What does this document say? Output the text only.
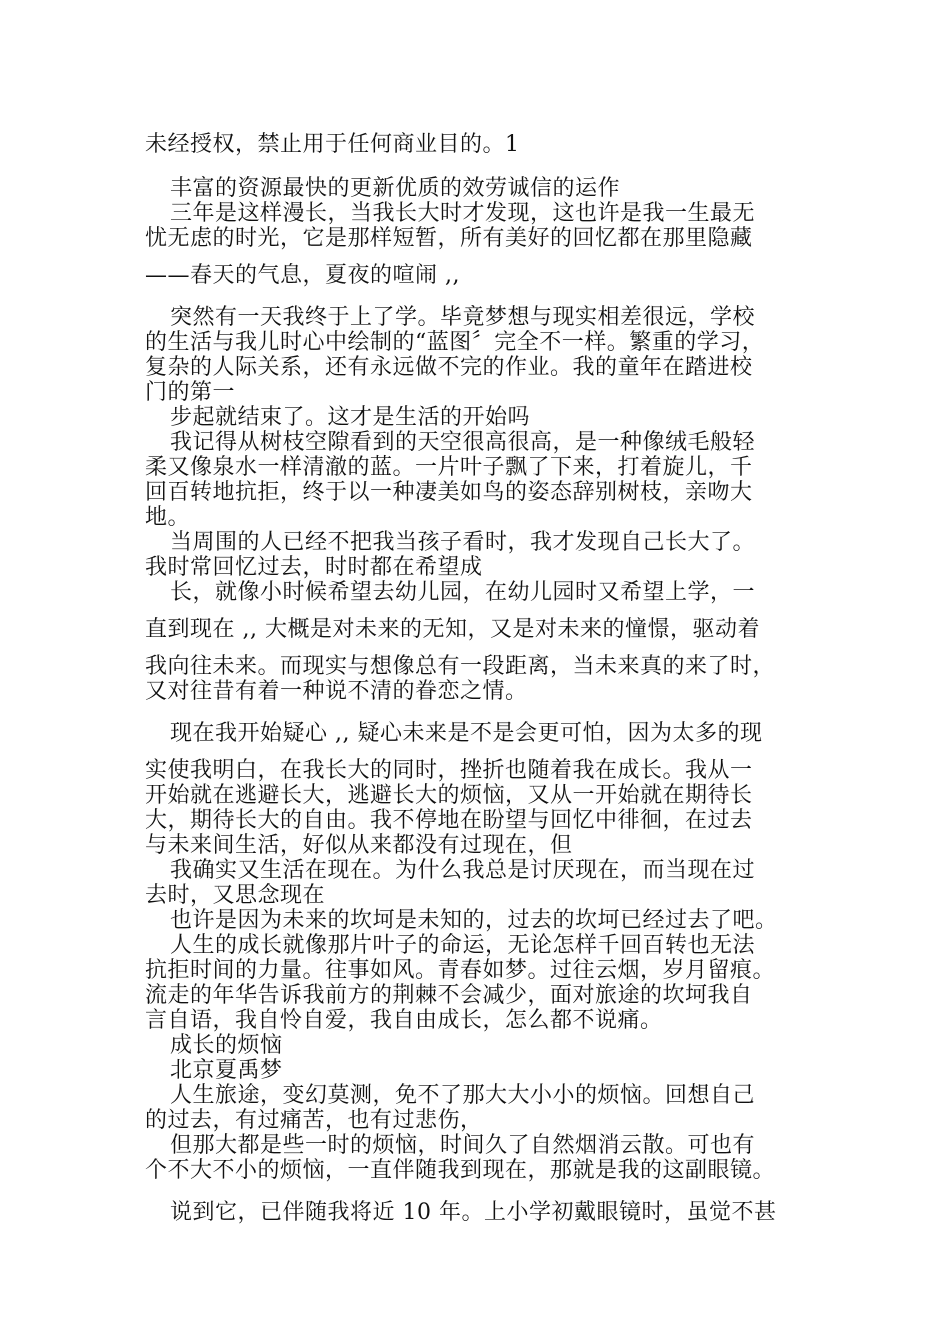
未经授权，禁止用于任何商业目的。1

丰富的资源最快的更新优质的效劳诚信的运作

三年是这样漫长，当我长大时才发现，这也许是我一生最无

忧无虑的时光，它是那样短暂，所有美好的回忆都在那里隐藏

——春天的气息，夏夜的喧闹 ,,

突然有一天我终于上了学。毕竟梦想与现实相差很远，学校

的生活与我儿时心中绘制的“蓝图〞完全不一样。繁重的学习，

复杂的人际关系，还有永远做不完的作业。我的童年在踏进校

门的第一

步起就结束了。这才是生活的开始吗

我记得从树枝空隙看到的天空很高很高，是一种像绒毛般轻

柔又像泉水一样清澈的蓝。一片叶子飘了下来，打着旋儿，千

回百转地抗拒，终于以一种凄美如鸟的姿态辞别树枝，亲吻大

地。

当周围的人已经不把我当孩子看时，我才发现自己长大了。

我时常回忆过去，时时都在希望成

长，就像小时候希望去幼儿园，在幼儿园时又希望上学，一

直到现在 ,, 大概是对未来的无知，又是对未来的憧憬，驱动着

我向往未来。而现实与想像总有一段距离，当未来真的来了时，

又对往昔有着一种说不清的眷恋之情。

现在我开始疑心 ,, 疑心未来是不是会更可怕，因为太多的现

实使我明白，在我长大的同时，挫折也随着我在成长。我从一

开始就在逃避长大，逃避长大的烦恼，又从一开始就在期待长

大，期待长大的自由。我不停地在盼望与回忆中徘徊，在过去

与未来间生活，好似从来都没有过现在，但

我确实又生活在现在。为什么我总是讨厌现在，而当现在过

去时，又思念现在

也许是因为未来的坎坷是未知的，过去的坎坷已经过去了吧。

人生的成长就像那片叶子的命运，无论怎样千回百转也无法

抗拒时间的力量。往事如风。青春如梦。过往云烟，岁月留痕。

流走的年华告诉我前方的荆棘不会减少，面对旅途的坎坷我自

言自语，我自怜自爱，我自由成长，怎么都不说痛。

成长的烦恼

北京夏禹梦

人生旅途，变幻莫测，免不了那大大小小的烦恼。回想自己

的过去，有过痛苦，也有过悲伤，

但那大都是些一时的烦恼，时间久了自然烟消云散。可也有

个不大不小的烦恼，一直伴随我到现在，那就是我的这副眼镜。

说到它，已伴随我将近 10 年。上小学初戴眼镜时，虽觉不甚
